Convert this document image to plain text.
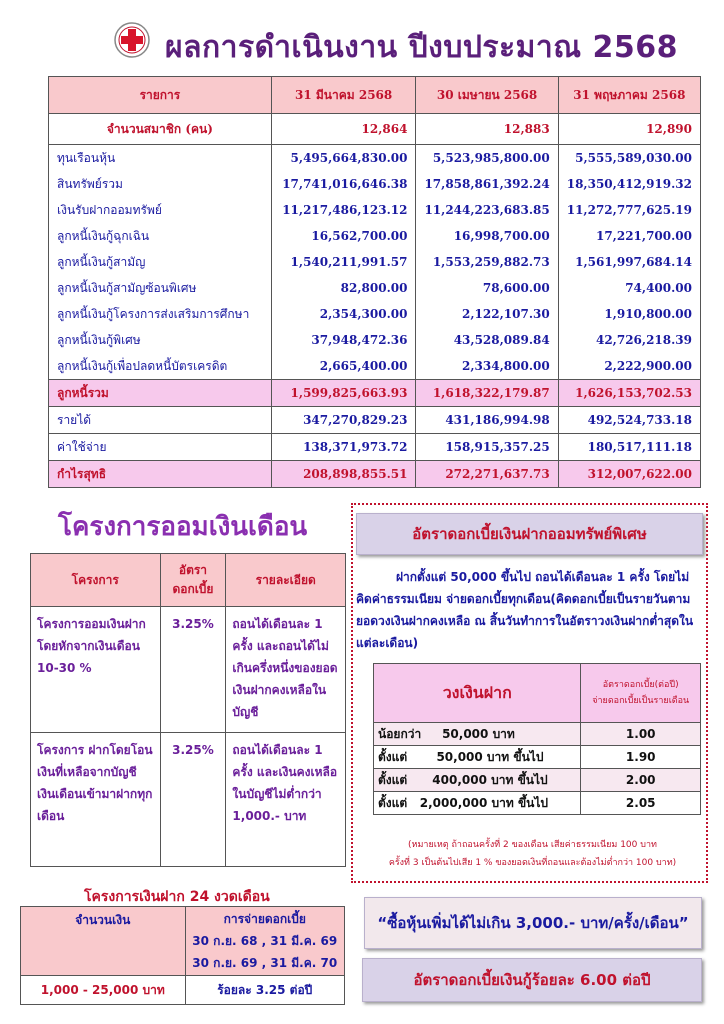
ผลการดำเนินงาน ปีงบประมาณ 2568
รายการ	31 มีนาคม 2568	30 เมษายน 2568	31 พฤษภาคม 2568
จำนวนสมาชิก (คน)	12,864	12,883	12,890
ทุนเรือนหุ้น	5,495,664,830.00	5,523,985,800.00	5,555,589,030.00
สินทรัพย์รวม	17,741,016,646.38	17,858,861,392.24	18,350,412,919.32
เงินรับฝากออมทรัพย์	11,217,486,123.12	11,244,223,683.85	11,272,777,625.19
ลูกหนี้เงินกู้ฉุกเฉิน	16,562,700.00	16,998,700.00	17,221,700.00
ลูกหนี้เงินกู้สามัญ	1,540,211,991.57	1,553,259,882.73	1,561,997,684.14
ลูกหนี้เงินกู้สามัญซ้อนพิเศษ	82,800.00	78,600.00	74,400.00
ลูกหนี้เงินกู้โครงการส่งเสริมการศึกษา	2,354,300.00	2,122,107.30	1,910,800.00
ลูกหนี้เงินกู้พิเศษ	37,948,472.36	43,528,089.84	42,726,218.39
ลูกหนี้เงินกู้เพื่อปลดหนี้บัตรเครดิต	2,665,400.00	2,334,800.00	2,222,900.00
ลูกหนี้รวม	1,599,825,663.93	1,618,322,179.87	1,626,153,702.53
รายได้	347,270,829.23	431,186,994.98	492,524,733.18
ค่าใช้จ่าย	138,371,973.72	158,915,357.25	180,517,111.18
กำไรสุทธิ	208,898,855.51	272,271,637.73	312,007,622.00
โครงการออมเงินเดือน
โครงการ	อัตรา ดอกเบี้ย	รายละเอียด
โครงการออมเงินฝากโดยหักจากเงินเดือน 10-30 %	3.25%	ถอนได้เดือนละ 1 ครั้ง และถอนได้ไม่เกินครึ่งหนึ่งของยอดเงินฝากคงเหลือในบัญชี
โครงการ ฝากโดยโอนเงินที่เหลือจากบัญชีเงินเดือนเข้ามาฝากทุกเดือน	3.25%	ถอนได้เดือนละ 1 ครั้ง และเงินคงเหลือในบัญชีไม่ต่ำกว่า 1,000.- บาท
อัตราดอกเบี้ยเงินฝากออมทรัพย์พิเศษ
ฝากตั้งแต่ 50,000 ขึ้นไป ถอนได้เดือนละ 1 ครั้ง โดยไม่คิดค่าธรรมเนียม จ่ายดอกเบี้ยทุกเดือน(คิดดอกเบี้ยเป็นรายวันตามยอดวงเงินฝากคงเหลือ ณ สิ้นวันทำการในอัตราวงเงินฝากต่ำสุดในแต่ละเดือน)
วงเงินฝาก	อัตราดอกเบี้ย(ต่อปี)
จ่ายดอกเบี้ยเป็นรายเดือน

น้อยกว่า 50,000 บาท	1.00
ตั้งแต่ 50,000 บาท ขึ้นไป	1.90
ตั้งแต่ 400,000 บาท ขึ้นไป	2.00
ตั้งแต่ 2,000,000 บาท ขึ้นไป	2.05
(หมายเหตุ ถ้าถอนครั้งที่ 2 ของเดือน เสียค่าธรรมเนียม 100 บาท
ครั้งที่ 3 เป็นต้นไปเสีย 1 % ของยอดเงินที่ถอนและต้องไม่ต่ำกว่า 100 บาท)
โครงการเงินฝาก 24 งวดเดือน
จำนวนเงิน	การจ่ายดอกเบี้ย
30 ก.ย. 68 , 31 มี.ค. 69
30 ก.ย. 69 , 31 มี.ค. 70

1,000 - 25,000 บาท	ร้อยละ 3.25 ต่อปี
“ซื้อหุ้นเพิ่มได้ไม่เกิน 3,000.- บาท/ครั้ง/เดือน”
อัตราดอกเบี้ยเงินกู้ร้อยละ 6.00 ต่อปี
